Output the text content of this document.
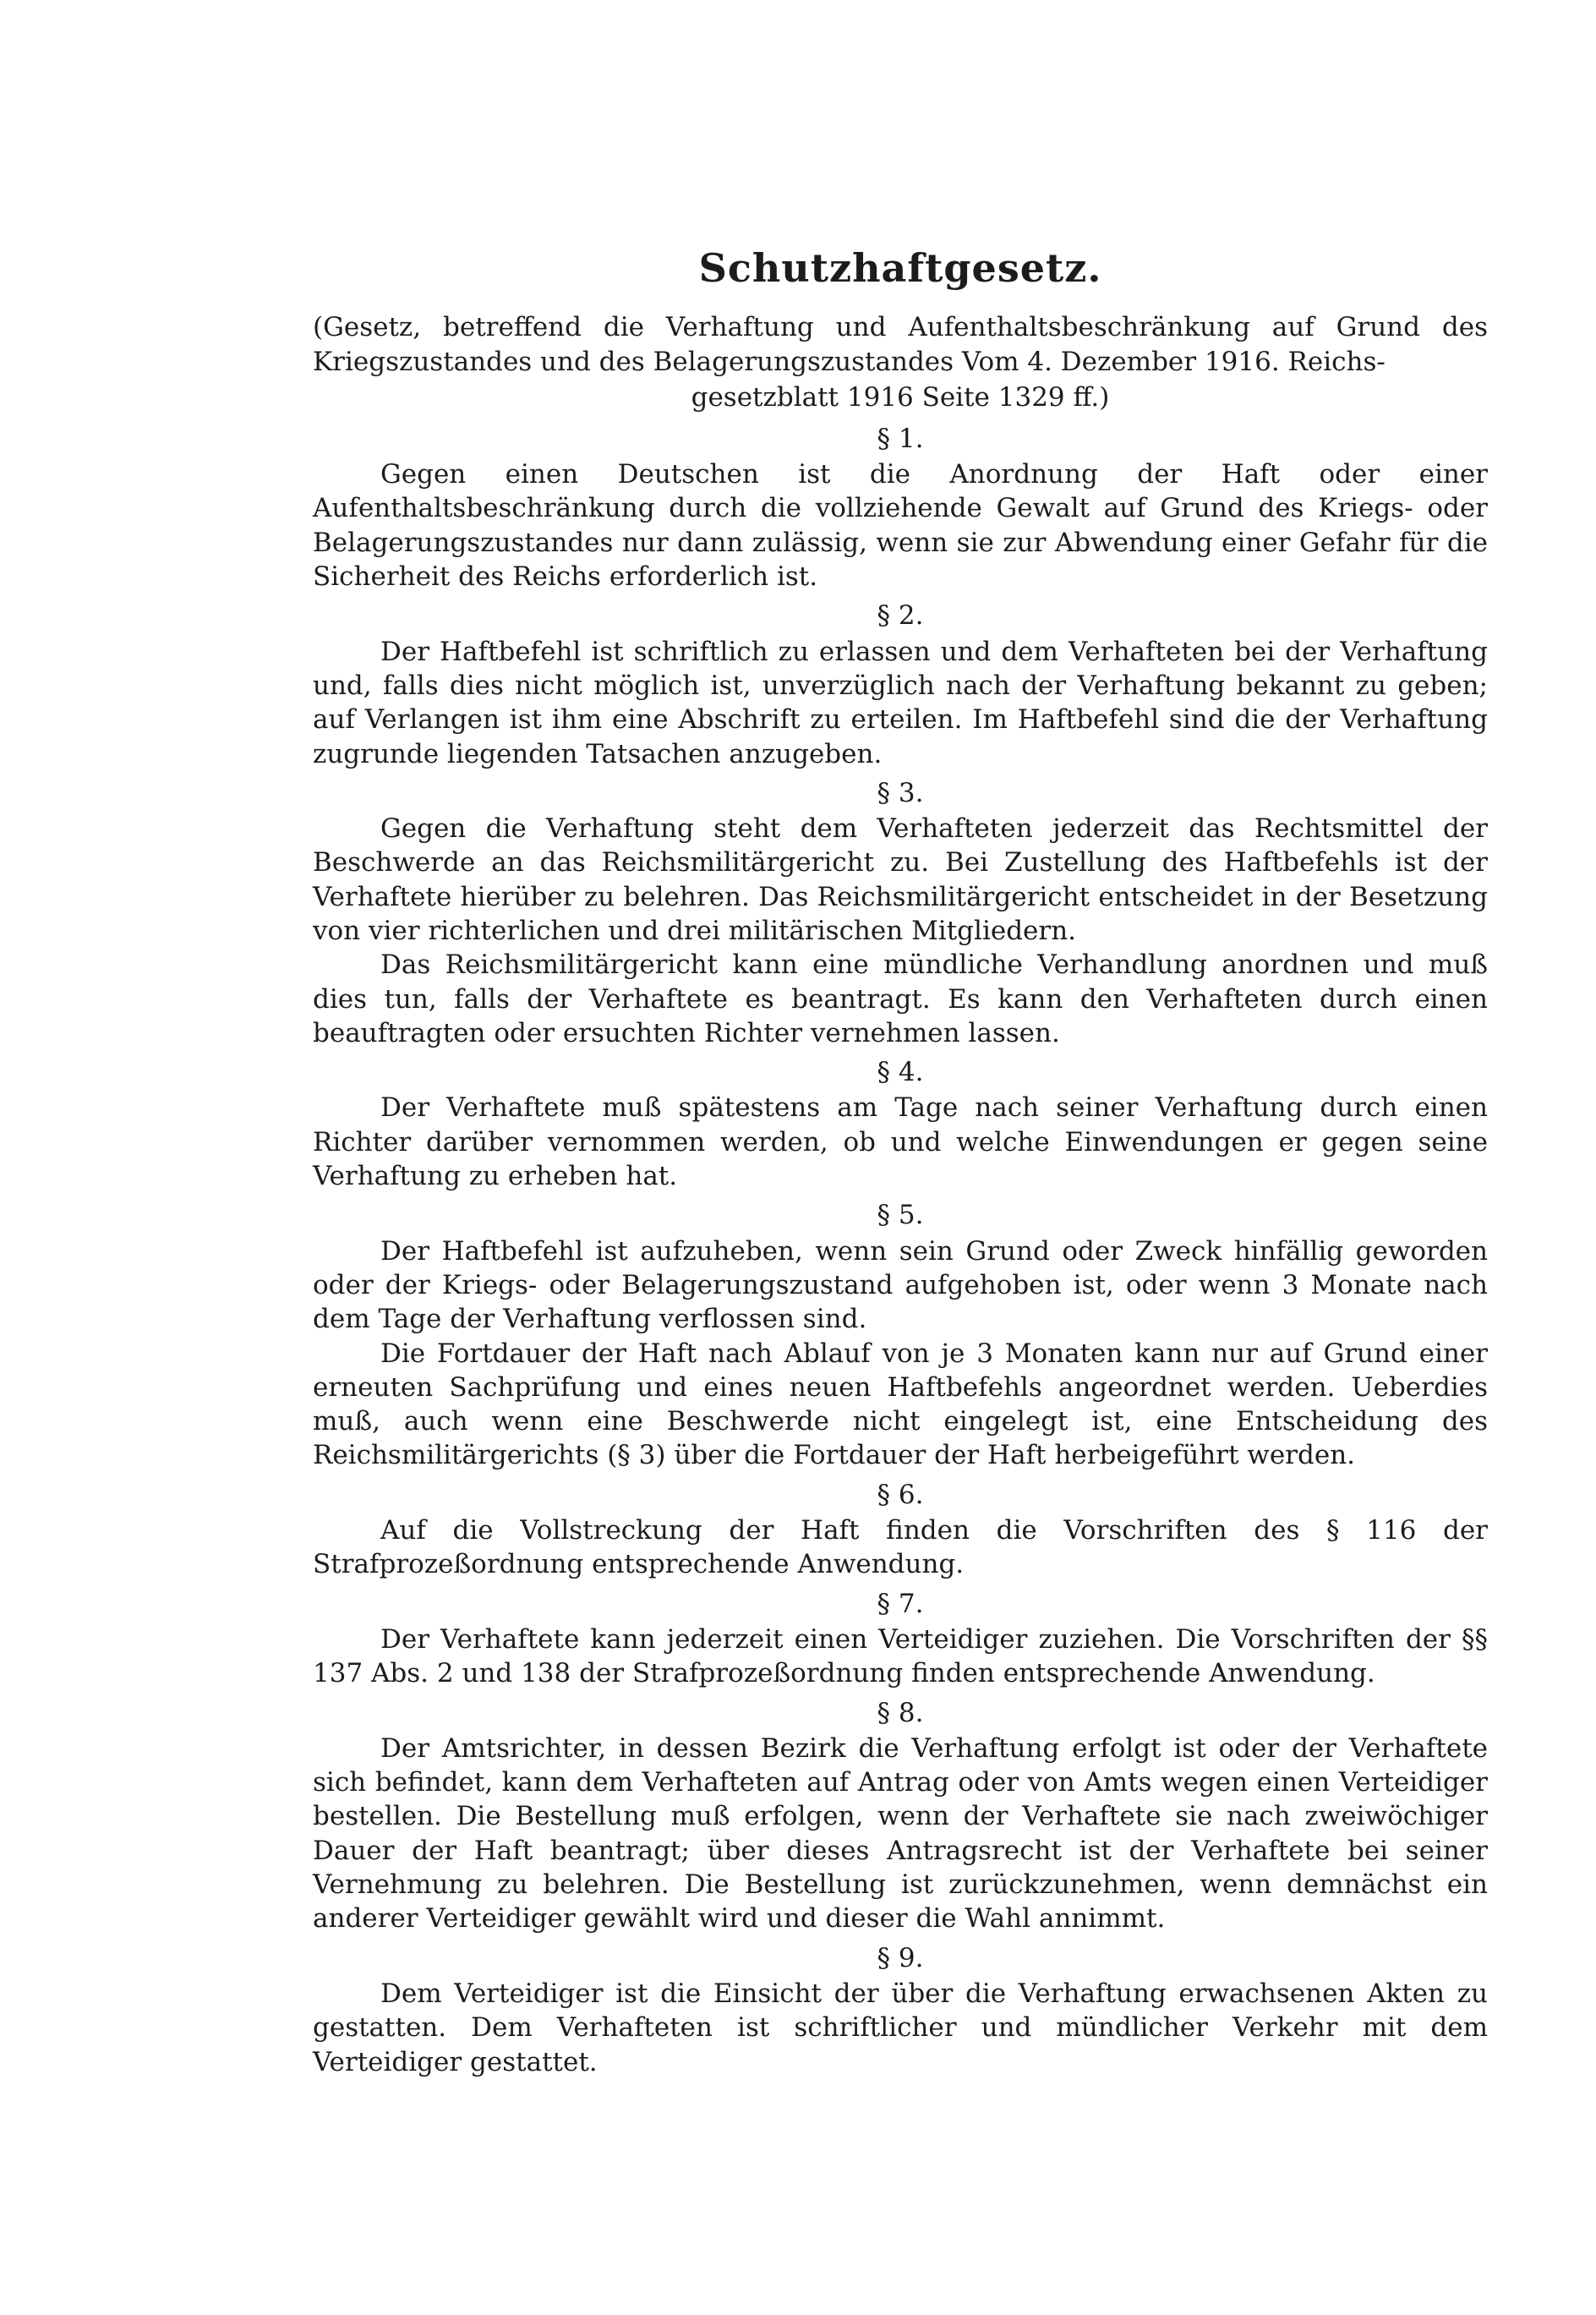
Schutzhaftgesetz.

(Gesetz, betreffend die Verhaftung und Aufenthaltsbeschränkung auf Grund des Kriegszustandes und des Belagerungszustandes Vom 4. Dezember 1916. Reichs-

gesetzblatt 1916 Seite 1329 ff.)

§ 1.

Gegen einen Deutschen ist die Anordnung der Haft oder einer Aufenthaltsbeschränkung durch die vollziehende Gewalt auf Grund des Kriegs- oder Belagerungszustandes nur dann zulässig, wenn sie zur Abwendung einer Gefahr für die Sicherheit des Reichs erforderlich ist.

§ 2.

Der Haftbefehl ist schriftlich zu erlassen und dem Verhafteten bei der Verhaftung und, falls dies nicht möglich ist, unverzüglich nach der Verhaftung bekannt zu geben; auf Verlangen ist ihm eine Abschrift zu erteilen. Im Haftbefehl sind die der Verhaftung zugrunde liegenden Tatsachen anzugeben.

§ 3.

Gegen die Verhaftung steht dem Verhafteten jederzeit das Rechtsmittel der Beschwerde an das Reichsmilitärgericht zu. Bei Zustellung des Haftbefehls ist der Verhaftete hierüber zu belehren. Das Reichsmilitärgericht entscheidet in der Besetzung von vier richterlichen und drei militärischen Mitgliedern.

Das Reichsmilitärgericht kann eine mündliche Verhandlung anordnen und muß dies tun, falls der Verhaftete es beantragt. Es kann den Verhafteten durch einen beauftragten oder ersuchten Richter vernehmen lassen.

§ 4.

Der Verhaftete muß spätestens am Tage nach seiner Verhaftung durch einen Richter darüber vernommen werden, ob und welche Einwendungen er gegen seine Verhaftung zu erheben hat.

§ 5.

Der Haftbefehl ist aufzuheben, wenn sein Grund oder Zweck hinfällig geworden oder der Kriegs- oder Belagerungszustand aufgehoben ist, oder wenn 3 Monate nach dem Tage der Verhaftung verflossen sind.

Die Fortdauer der Haft nach Ablauf von je 3 Monaten kann nur auf Grund einer erneuten Sachprüfung und eines neuen Haftbefehls angeordnet werden. Ueberdies muß, auch wenn eine Beschwerde nicht eingelegt ist, eine Entscheidung des Reichsmilitärgerichts (§ 3) über die Fortdauer der Haft herbeigeführt werden.

§ 6.

Auf die Vollstreckung der Haft finden die Vorschriften des § 116 der Strafprozeßordnung entsprechende Anwendung.

§ 7.

Der Verhaftete kann jederzeit einen Verteidiger zuziehen. Die Vorschriften der §§ 137 Abs. 2 und 138 der Strafprozeßordnung finden entsprechende Anwendung.

§ 8.

Der Amtsrichter, in dessen Bezirk die Verhaftung erfolgt ist oder der Verhaftete sich befindet, kann dem Verhafteten auf Antrag oder von Amts wegen einen Verteidiger bestellen. Die Bestellung muß erfolgen, wenn der Verhaftete sie nach zweiwöchiger Dauer der Haft beantragt; über dieses Antragsrecht ist der Verhaftete bei seiner Vernehmung zu belehren. Die Bestellung ist zurückzunehmen, wenn demnächst ein anderer Verteidiger gewählt wird und dieser die Wahl annimmt.

§ 9.

Dem Verteidiger ist die Einsicht der über die Verhaftung erwachsenen Akten zu gestatten. Dem Verhafteten ist schriftlicher und mündlicher Verkehr mit dem Verteidiger gestattet.
